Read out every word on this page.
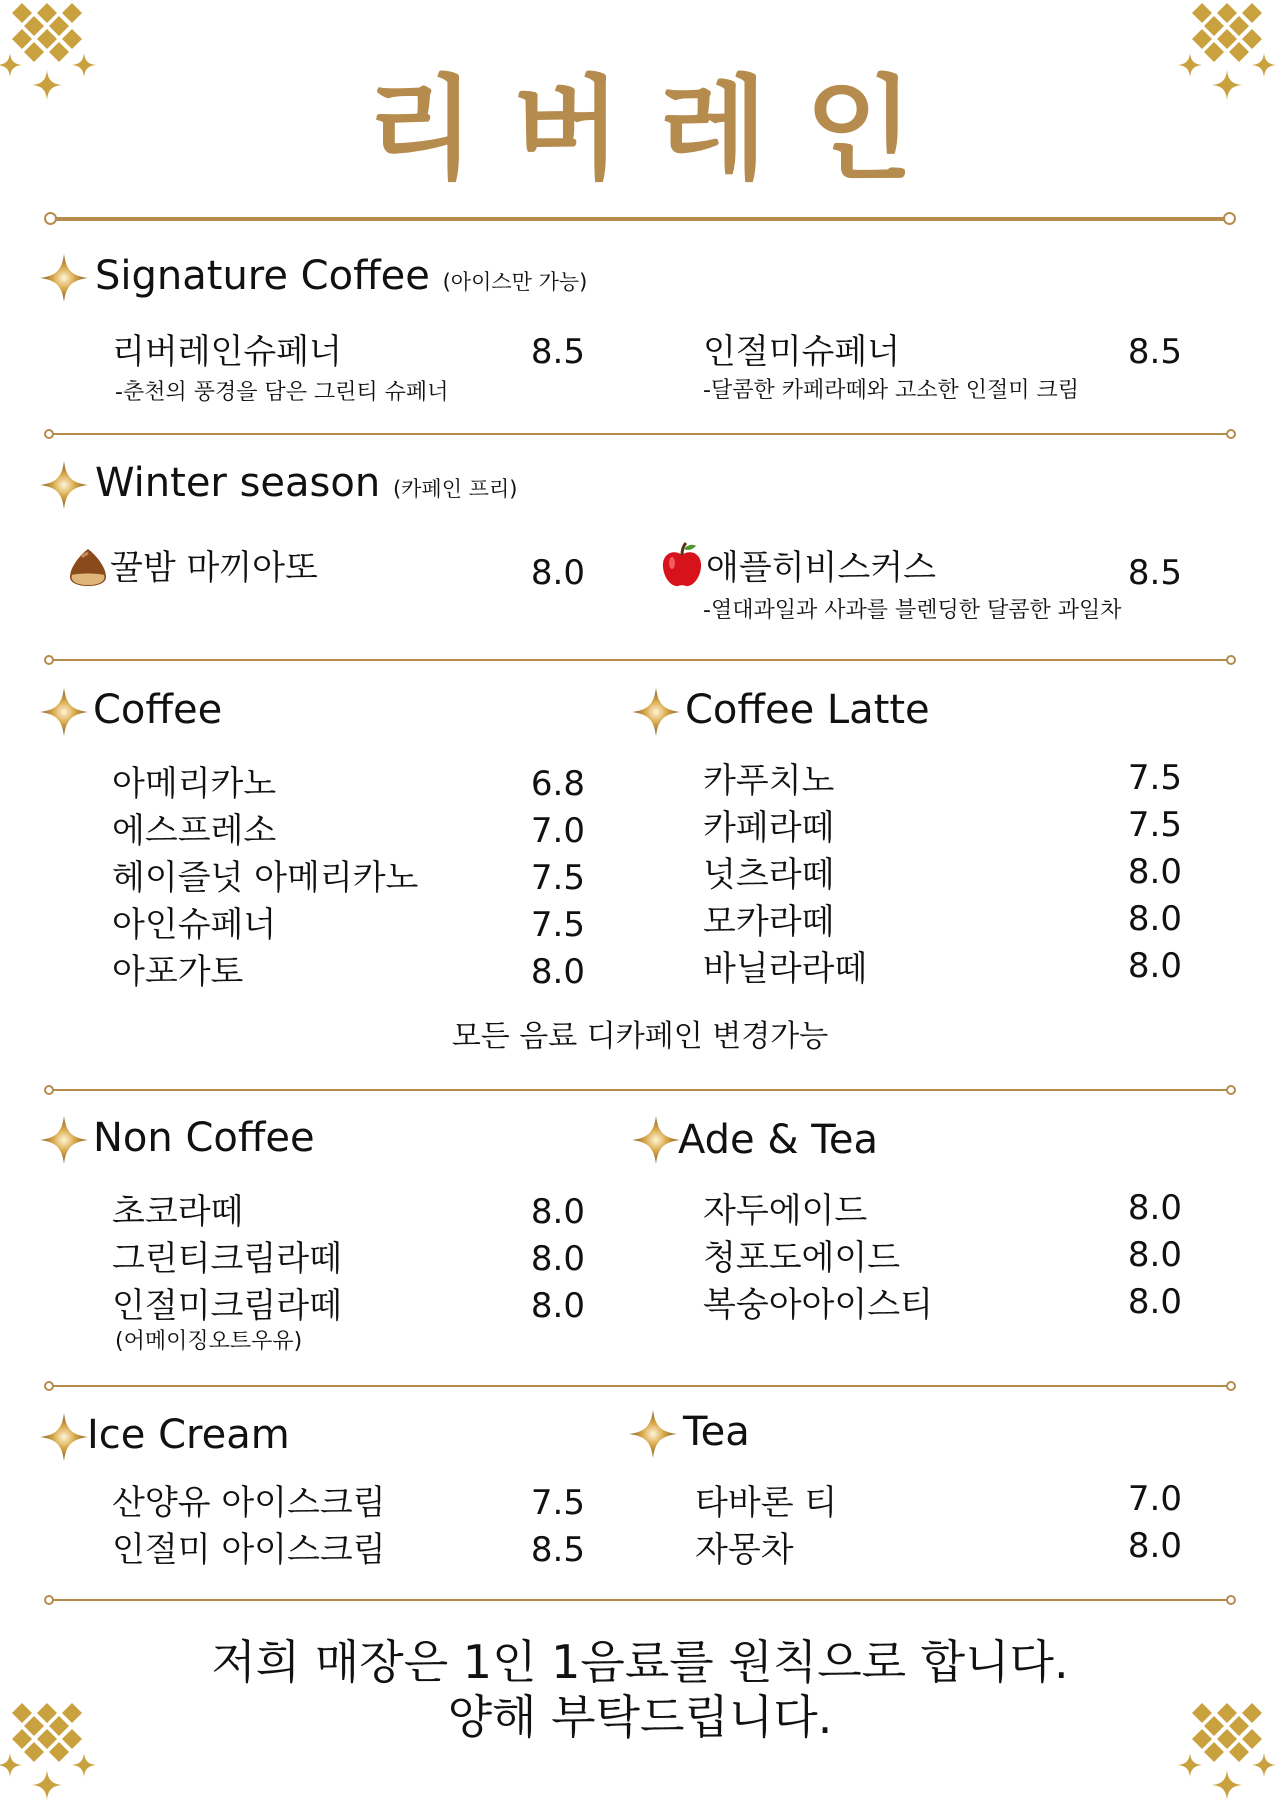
리버레인
Signature Coffee (아이스만 가능)
리버레인슈페너	8.5
-춘천의 풍경을 담은 그린티 슈페너
인절미슈페너	8.5
-달콤한 카페라떼와 고소한 인절미 크림
Winter season (카페인 프리)
꿀밤 마끼아또	8.0	애플히비스커스	8.5
-열대과일과 사과를 블렌딩한 달콤한 과일차
Coffee
아메리카노	6.8
에스프레소	7.0
헤이즐넛 아메리카노	7.5
아인슈페너	7.5
아포가토	8.0
Coffee Latte
카푸치노	7.5
카페라떼	7.5
넛츠라떼	8.0
모카라떼	8.0
바닐라라떼	8.0
모든 음료 디카페인 변경가능
Non Coffee
초코라떼	8.0
그린티크림라떼	8.0
인절미크림라떼	8.0
(어메이징오트우유)
Ade & Tea
자두에이드	8.0
청포도에이드	8.0
복숭아아이스티	8.0
Ice Cream
산양유 아이스크림	7.5
인절미 아이스크림	8.5
Tea
타바론 티	7.0
자몽차	8.0
저희 매장은 1인 1음료를 원칙으로 합니다.
양해 부탁드립니다.
